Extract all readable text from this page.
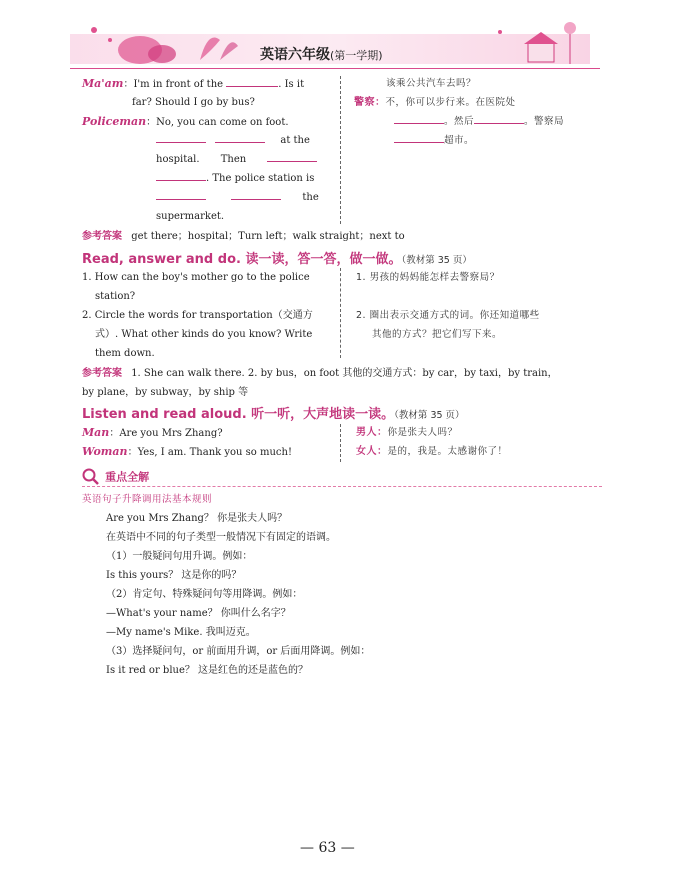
英语六年级(第一学期)
Ma'am：I'm in front of the	. Is it
far? Should I go by bus?
Policeman：No, you can come on foot.
at the
hospital. Then
. The police station is
the
supermarket.
该乘公共汽车去吗？
警察：不，你可以步行来。在医院处
。然后	。警察局
超市。
参考答案 get there；hospital；Turn left；walk straight；next to
Read, answer and do. 读一读，答一答，做一做。（教材第 35 页）
1. How can the boy's mother go to the police
station?
1. 男孩的妈妈能怎样去警察局？
2. Circle the words for transportation（交通方
式）. What other kinds do you know? Write
them down.
2. 圈出表示交通方式的词。你还知道哪些
其他的方式？把它们写下来。
参考答案 1. She can walk there. 2. by bus，on foot 其他的交通方式：by car，by taxi，by train，
by plane，by subway，by ship 等
Listen and read aloud. 听一听，大声地读一读。（教材第 35 页）
Man：Are you Mrs Zhang?
Woman：Yes, I am. Thank you so much!
男人：你是张夫人吗？
女人：是的，我是。太感谢你了！
重点全解
英语句子升降调用法基本规则
Are you Mrs Zhang？ 你是张夫人吗？
在英语中不同的句子类型一般情况下有固定的语调。
（1）一般疑问句用升调。例如：
Is this yours？ 这是你的吗？
（2）肯定句、特殊疑问句等用降调。例如：
—What's your name？ 你叫什么名字？
—My name's Mike. 我叫迈克。
（3）选择疑问句，or 前面用升调，or 后面用降调。例如：
Is it red or blue？ 这是红色的还是蓝色的？
— 63 —
